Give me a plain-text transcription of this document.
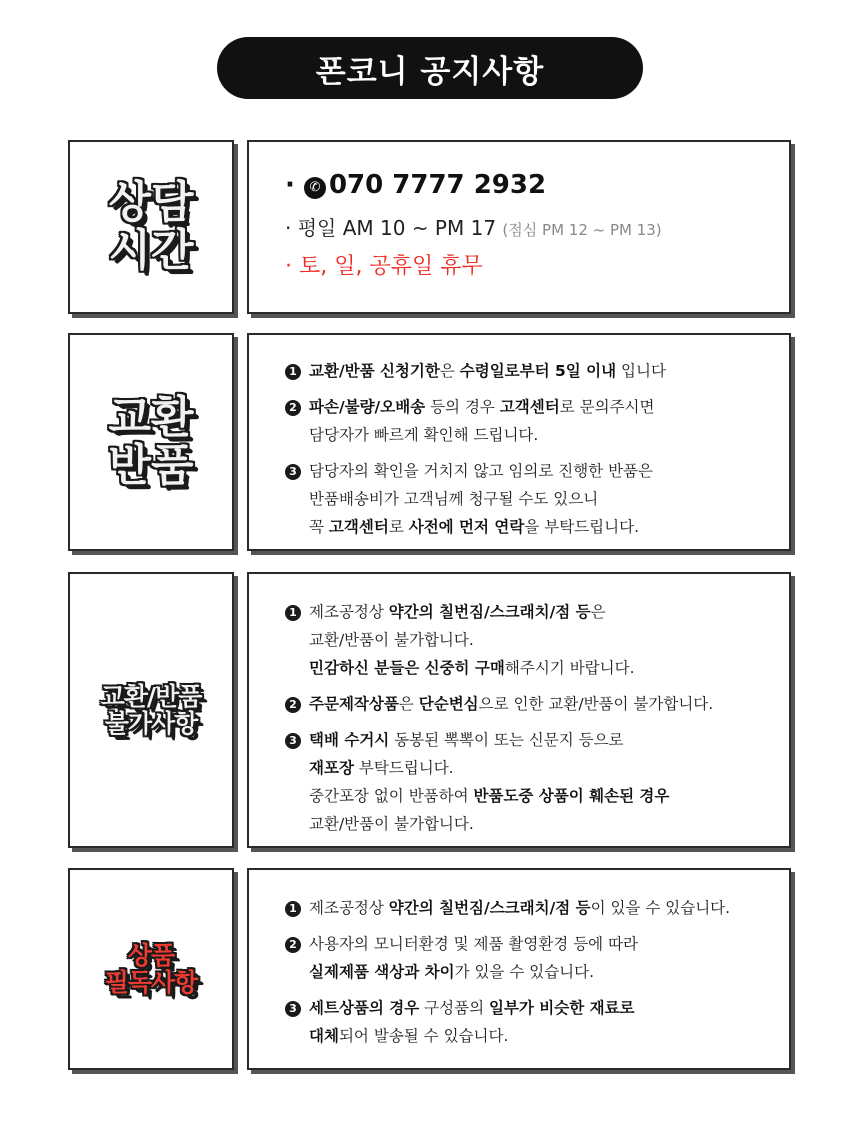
폰코니 공지사항
상담
시간
· ✆ 070 7777 2932
· 평일 AM 10 ~ PM 17 (점심 PM 12 ~ PM 13)
· 토, 일, 공휴일 휴무
교환
반품
1 교환/반품 신청기한은 수령일로부터 5일 이내 입니다
2 파손/불량/오배송 등의 경우 고객센터로 문의주시면
담당자가 빠르게 확인해 드립니다.
3 담당자의 확인을 거치지 않고 임의로 진행한 반품은
반품배송비가 고객님께 청구될 수도 있으니
꼭 고객센터로 사전에 먼저 연락을 부탁드립니다.
교환/반품
불가사항
1 제조공정상 약간의 칠번짐/스크래치/점 등은
교환/반품이 불가합니다.
민감하신 분들은 신중히 구매해주시기 바랍니다.
2 주문제작상품은 단순변심으로 인한 교환/반품이 불가합니다.
3 택배 수거시 동봉된 뽁뽁이 또는 신문지 등으로
재포장 부탁드립니다.
중간포장 없이 반품하여 반품도중 상품이 훼손된 경우
교환/반품이 불가합니다.
상품
필독사항
1 제조공정상 약간의 칠번짐/스크래치/점 등이 있을 수 있습니다.
2 사용자의 모니터환경 및 제품 촬영환경 등에 따라
실제제품 색상과 차이가 있을 수 있습니다.
3 세트상품의 경우 구성품의 일부가 비슷한 재료로
대체되어 발송될 수 있습니다.
